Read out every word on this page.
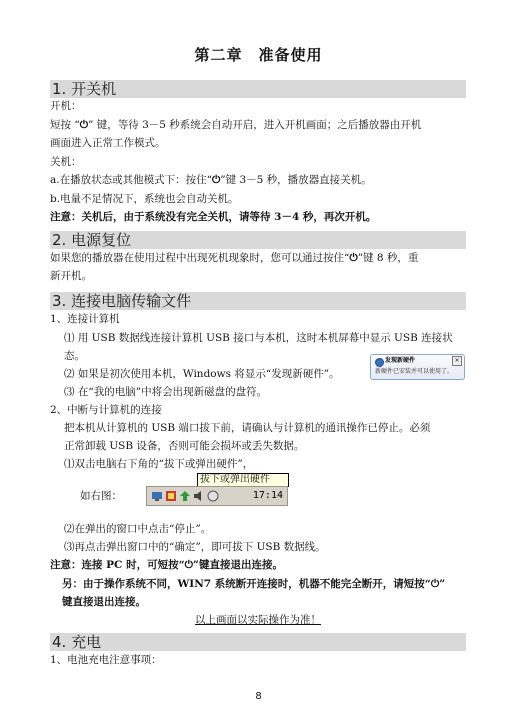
第二章　准备使用
1. 开关机
开机：
短按 “⏻” 键，等待 3－5 秒系统会自动开启，进入开机画面；之后播放器由开机
画面进入正常工作模式。
关机：
a.在播放状态或其他模式下：按住“⏻”键 3－5 秒，播放器直接关机。
b.电量不足情况下，系统也会自动关机。
注意：关机后，由于系统没有完全关机，请等待 3－4 秒，再次开机。
2. 电源复位
如果您的播放器在使用过程中出现死机现象时，您可以通过按住“⏻”键 8 秒，重
新开机。
3. 连接电脑传输文件
1、连接计算机
⑴ 用 USB 数据线连接计算机 USB 接口与本机，这时本机屏幕中显示 USB 连接状
态。
⑵ 如果是初次使用本机，Windows 将显示“发现新硬件”。
⑶ 在“我的电脑”中将会出现新磁盘的盘符。
发现新硬件	×
新硬件已安装并可以使用了。
2、中断与计算机的连接
把本机从计算机的 USB 端口拔下前，请确认与计算机的通讯操作已停止。必须
正常卸载 USB 设备，否则可能会损坏或丢失数据。
⑴双击电脑右下角的“拔下或弹出硬件”，
如右图：
拔下或弹出硬件
17:14
⑵在弹出的窗口中点击“停止”。
⑶再点击弹出窗口中的“确定”，即可拔下 USB 数据线。
注意：连接 PC 时，可短按“⏻”键直接退出连接。
另：由于操作系统不同，WIN7 系统断开连接时，机器不能完全断开，请短按“⏻”
键直接退出连接。
以上画面以实际操作为准！
4. 充电
1、电池充电注意事项：
8
